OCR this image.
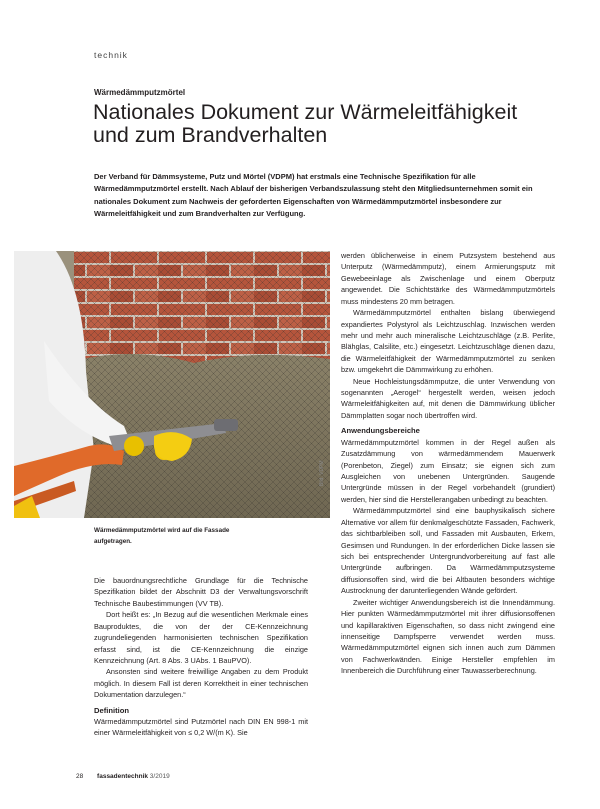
technik
Wärmedämmputzmörtel
Nationales Dokument zur Wärmeleitfähigkeit und zum Brandverhalten

Der Verband für Dämmsysteme, Putz und Mörtel (VDPM) hat erstmals eine Technische Spezifikation für alle Wärmedämmputzmörtel erstellt. Nach Ablauf der bisherigen Verbandszulassung steht den Mitgliedsunternehmen somit ein nationales Dokument zum Nachweis der geforderten Eigenschaften von Wärmedämmputzmörtel insbesondere zur Wärmeleitfähigkeit und zum Brandverhalten zur Verfügung.

Bild: VDPM

Wärmedämmputzmörtel wird auf die Fassade aufgetragen.

Die bauordnungsrechtliche Grundlage für die Technische Spezifikation bildet der Abschnitt D3 der Verwaltungsvorschrift Technische Baubestimmungen (VV TB).

Dort heißt es: „In Bezug auf die wesentlichen Merkmale eines Bauproduktes, die von der der CE-Kennzeichnung zugrundeliegenden harmonisierten technischen Spezifikation erfasst sind, ist die CE-Kennzeichnung die einzige Kennzeichnung (Art. 8 Abs. 3 UAbs. 1 BauPVO).

Ansonsten sind weitere freiwillige Angaben zu dem Produkt möglich. In diesem Fall ist deren Korrektheit in einer technischen Dokumentation darzulegen.“

Definition

Wärmedämmputzmörtel sind Putzmörtel nach DIN EN 998-1 mit einer Wärmeleitfähigkeit von ≤ 0,2 W/(m K). Sie

werden üblicherweise in einem Putzsystem bestehend aus Unterputz (Wärmedämmputz), einem Armierungsputz mit Gewebeeinlage als Zwischenlage und einem Oberputz angewendet. Die Schichtstärke des Wärmedämmputzmörtels muss mindestens 20 mm betragen.

Wärmedämmputzmörtel enthalten bislang überwiegend expandiertes Polystyrol als Leichtzuschlag. Inzwischen werden mehr und mehr auch mineralische Leichtzuschläge (z.B. Perlite, Blähglas, Calsilite, etc.) eingesetzt. Leichtzuschläge dienen dazu, die Wärmeleitfähigkeit der Wärmedämmputzmörtel zu senken bzw. umgekehrt die Dämmwirkung zu erhöhen.

Neue Hochleistungsdämmputze, die unter Verwendung von sogenannten „Aerogel“ hergestellt werden, weisen jedoch Wärmeleitfähigkeiten auf, mit denen die Dämmwirkung üblicher Dämmplatten sogar noch übertroffen wird.

Anwendungsbereiche

Wärmedämmputzmörtel kommen in der Regel außen als Zusatzdämmung von wärmedämmendem Mauerwerk (Porenbeton, Ziegel) zum Einsatz; sie eignen sich zum Ausgleichen von unebenen Untergründen. Saugende Untergründe müssen in der Regel vorbehandelt (grundiert) werden, hier sind die Herstellerangaben unbedingt zu beachten.

Wärmedämmputzmörtel sind eine bauphysikalisch sichere Alternative vor allem für denkmalgeschützte Fassaden, Fachwerk, das sichtbarbleiben soll, und Fassaden mit Ausbauten, Erkern, Gesimsen und Rundungen. In der erforderlichen Dicke lassen sie sich bei entsprechender Untergrundvorbereitung auf fast alle Untergründe aufbringen. Da Wärmedämmputzsysteme diffusionsoffen sind, wird die bei Altbauten besonders wichtige Austrocknung der darunterliegenden Wände gefördert.

Zweiter wichtiger Anwendungsbereich ist die Innendämmung. Hier punkten Wärmedämmputzmörtel mit ihrer diffusionsoffenen und kapillaraktiven Eigenschaften, so dass nicht zwingend eine innenseitige Dampfsperre verwendet werden muss. Wärmedämmputzmörtel eignen sich innen auch zum Dämmen von Fachwerkwänden. Einige Hersteller empfehlen im Innenbereich die Durchführung einer Tauwasserberechnung.

28 fassadentechnik 3/2019
